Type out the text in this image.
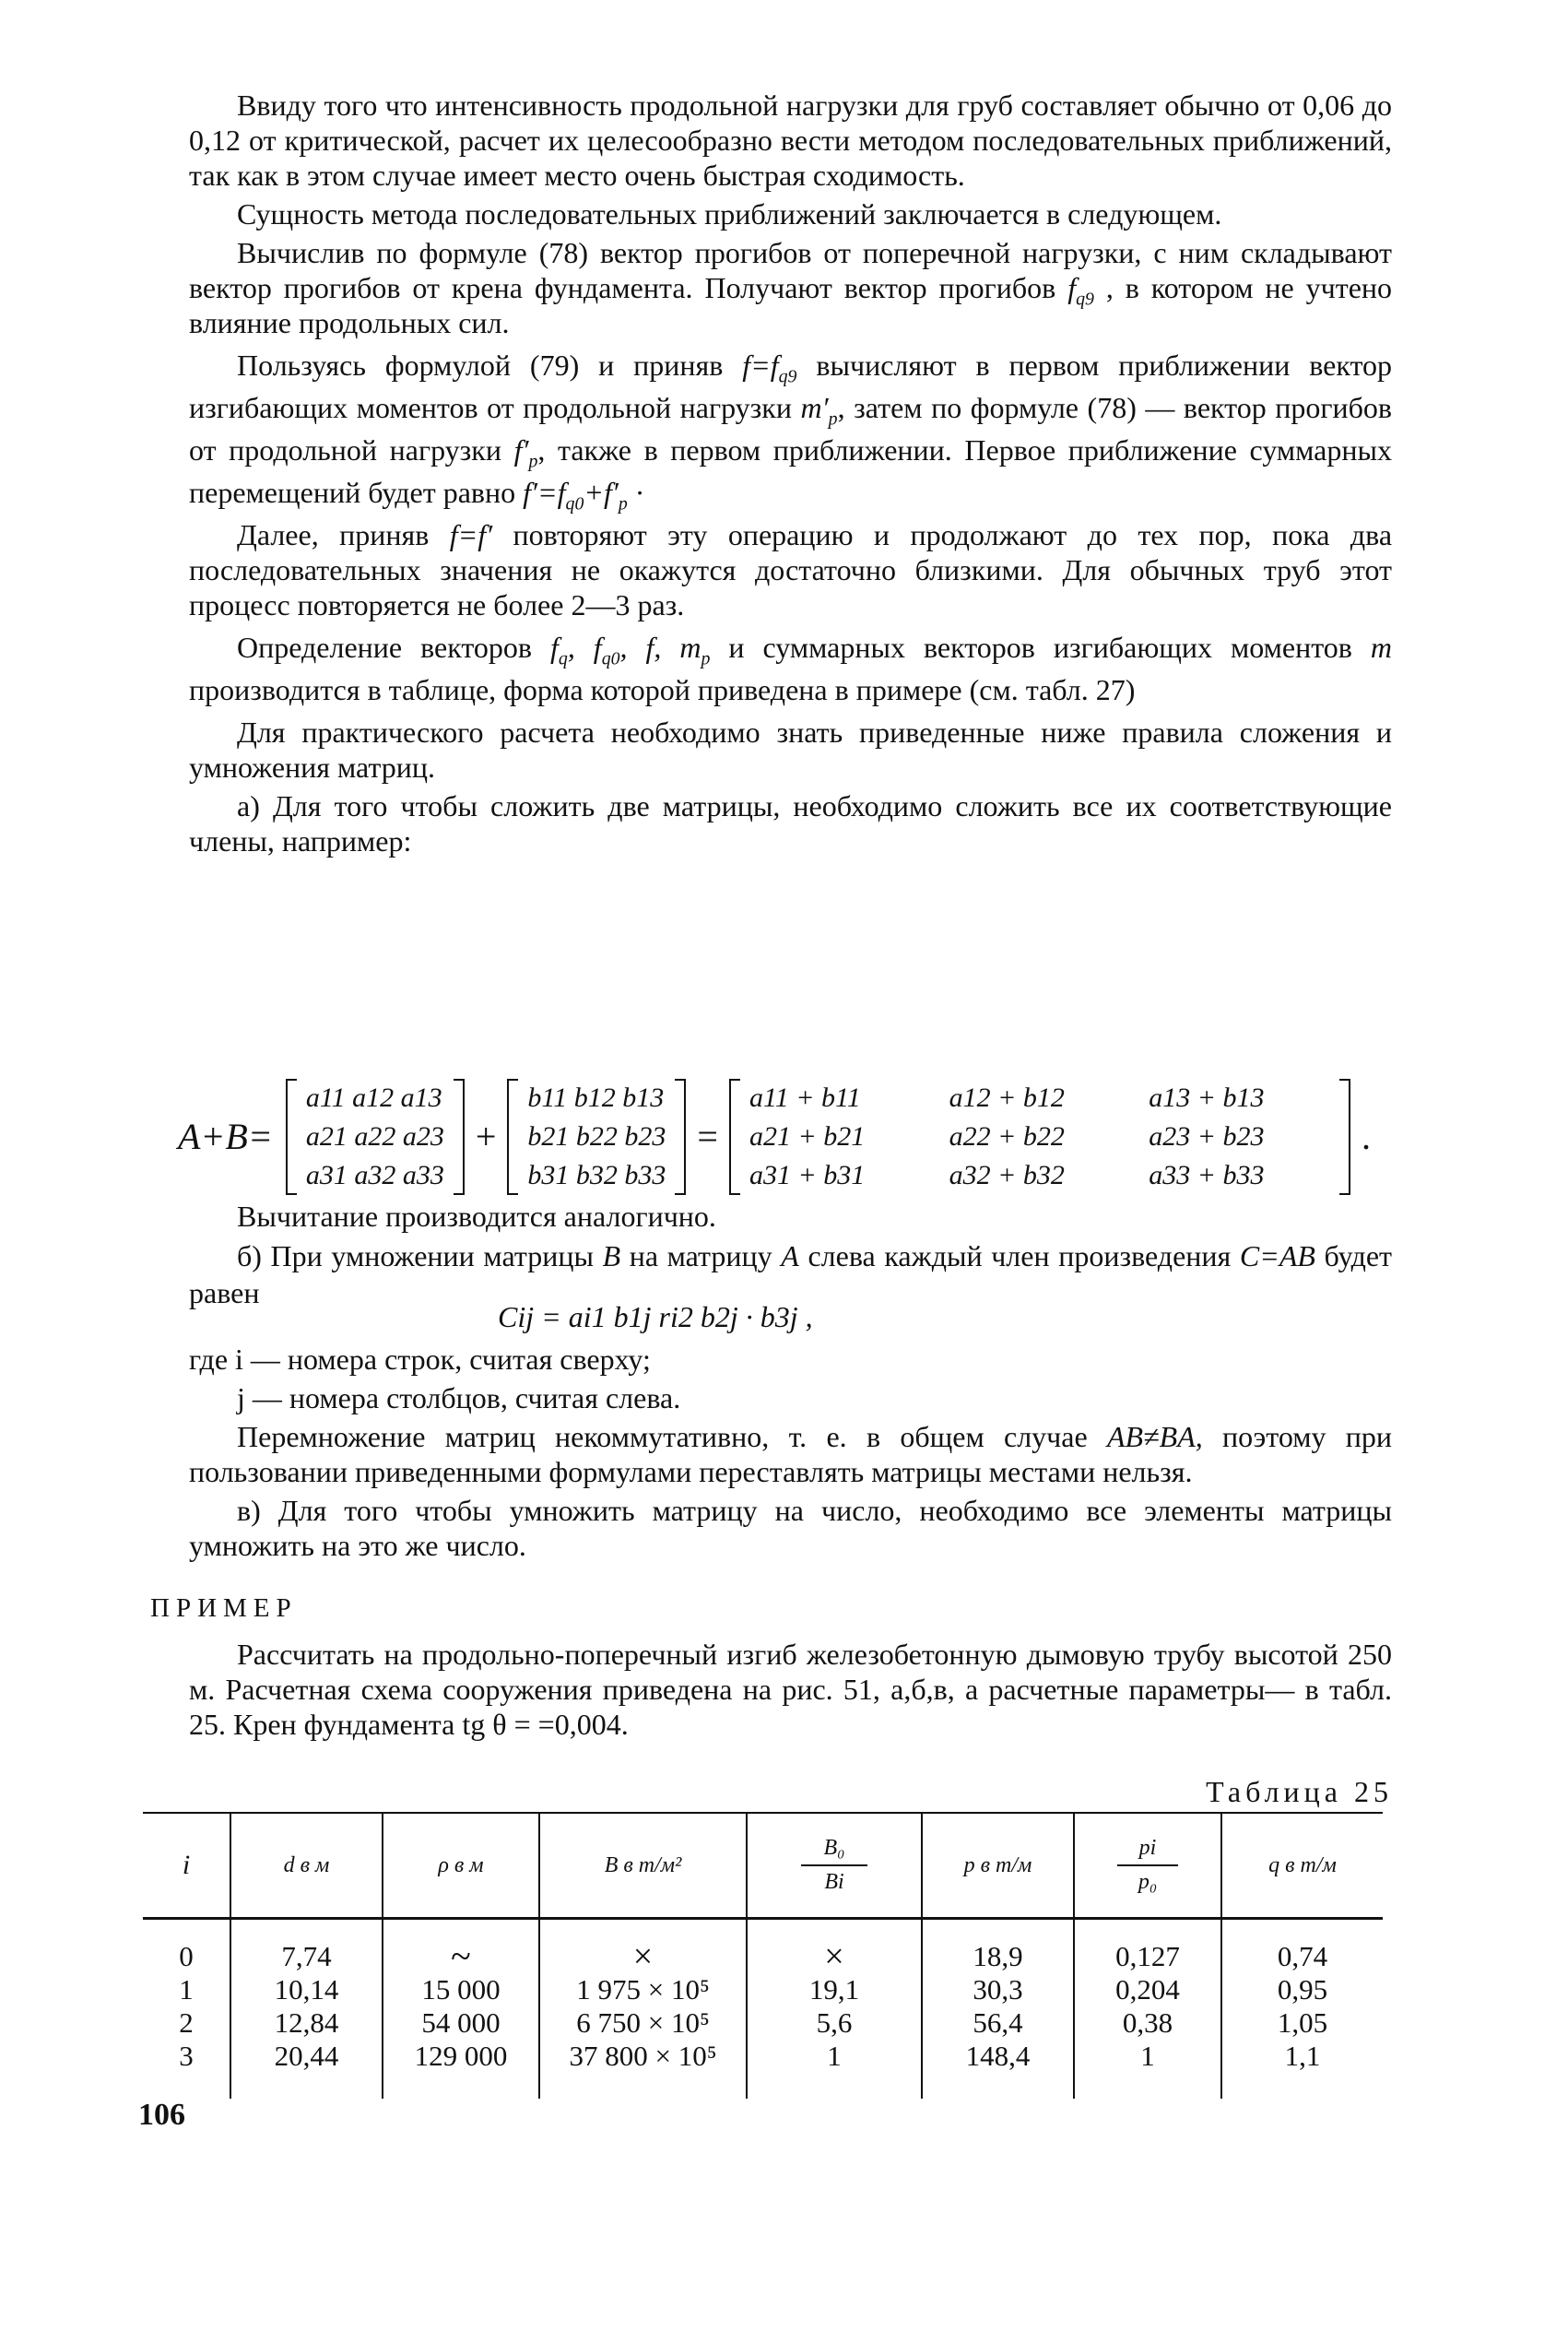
Ввиду того что интенсивность продольной нагрузки для груб составляет обычно от 0,06 до 0,12 от критической, расчет их целесообразно вести методом последовательных приближений, так как в этом случае имеет место очень быстрая сходимость.

Сущность метода последовательных приближений заключается в следующем.

Вычислив по формуле (78) вектор прогибов от поперечной нагрузки, с ним складывают вектор прогибов от крена фундамента. Получают вектор прогибов $f_{q9}$ , в котором не учтено влияние продольных сил.

Пользуясь формулой (79) и приняв $f=f_{q9}$ вычисляют в первом приближении вектор изгибающих моментов от продольной нагрузки $m'_p$, затем по формуле (78) — вектор прогибов от продольной нагрузки $f'_p$, также в первом приближении. Первое приближение суммарных перемещений будет равно $f'=f_{q0}+f'_p$ ·

Далее, приняв f=f′ повторяют эту операцию и продолжают до тех пор, пока два последовательных значения не окажутся достаточно близкими. Для обычных труб этот процесс повторяется не более 2—3 раз.

Определение векторов $f_q$, $f_{q0}$, f, $m_p$ и суммарных векторов изгибающих моментов m производится в таблице, форма которой приведена в примере (см. табл. 27)

Для практического расчета необходимо знать приведенные ниже правила сложения и умножения матриц.

а) Для того чтобы сложить две матрицы, необходимо сложить все их соответствующие члены, например:

A+B=
a11 a12 a13
a21 a22 a23
a31 a32 a33
+
b11 b12 b13
b21 b22 b23
b31 b32 b33
=
a11 + b11	a12 + b12	a13 + b13
a21 + b21	a22 + b22	a23 + b23
a31 + b31	a32 + b32	a33 + b33
.

Вычитание производится аналогично.

б) При умножении матрицы B на матрицу A слева каждый член произведения C=AB будет равен

Cij = ai1 b1j ri2 b2j · b3j ,

где i — номера строк, считая сверху;

j — номера столбцов, считая слева.

Перемножение матриц некоммутативно, т. е. в общем случае AB≠BA, поэтому при пользовании приведенными формулами переставлять матрицы местами нельзя.

в) Для того чтобы умножить матрицу на число, необходимо все элементы матрицы умножить на это же число.

ПРИМЕР

Рассчитать на продольно-поперечный изгиб железобетонную дымовую трубу высотой 250 м. Расчетная схема сооружения приведена на рис. 51, а,б,в, а расчетные параметры— в табл. 25. Крен фундамента tg θ = =0,004.

Таблица 25
i	d в м	ρ в м	B в т/м²	$\frac{\text{B₀}}{Bi}$	p в т/м	$\frac{pi}{\text{p₀}}$	q в т/м
0	7,74	~	×	×	18,9	0,127	0,74
1	10,14	15 000	1 975 × 10⁵	19,1	30,3	0,204	0,95
2	12,84	54 000	6 750 × 10⁵	5,6	56,4	0,38	1,05
3	20,44	129 000	37 800 × 10⁵	1	148,4	1	1,1
106
